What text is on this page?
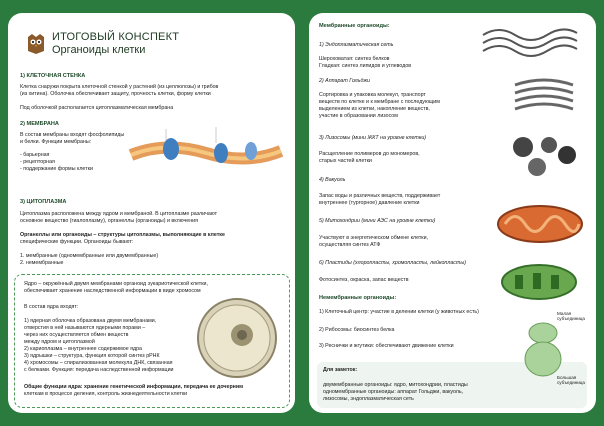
ИТОГОВЫЙ КОНСПЕКТ
Органоиды клетки
1) КЛЕТОЧНАЯ СТЕНКА
Клетка снаружи покрыта клеточной стенкой у растений (из целлюлозы) и грибов
(из хитина). Оболочка обеспечивает защиту, прочность клетки, форму клетки
Под оболочкой располагается цитоплазматическая мембрана
2) МЕМБРАНА
В состав мембраны входят фосфолипиды
и белки. Функции мембраны:
- барьерная
- рецепторная
- поддержание формы клетки
3) ЦИТОПЛАЗМА
Цитоплазма расположена между ядром и мембраной. В цитоплазме различают
основное вещество (гиалоплазму), органеллы (органоиды) и включения
Органеллы или органоиды – структуры цитоплазмы, выполняющие в клетке
специфические функции. Органоиды бывают:
1. мембранные (одномембранные или двумембранные)
2. немембранные
Ядро – окружённый двумя мембранами органоид эукариотической клетки,
обеспечивает хранение наследственной информации в виде хромосом
В состав ядра входят:
1) ядерная оболочка образована двумя мембранами,
отверстия в ней называются ядерными порами –
через них осуществляется обмен веществ
между ядром и цитоплазмой
2) кариоплазма – внутреннее содержимое ядра
3) ядрышки – структура, функция которой синтез рРНК
4) хромосомы – спирализованная молекула ДНК, связанная
с белками. Функция: передача наследственной информации
Общие функции ядра: хранение генетической информации, передача ее дочерним
клеткам в процессе деления, контроль жизнедеятельности клетки
Мембранные органоиды:
1) Эндоплазматическая сеть
Шероховатая: синтез белков
Гладкая: синтез липидов и углеводов
2) Аппарат Гольджи
Сортировка и упаковка молекул, транспорт
веществ по клетке и к мембране с последующим
выделением из клетки, накопление веществ,
участие в образовании лизосом
3) Лизосомы (мини ЖКТ на уровне клетки)
Расщепление полимеров до мономеров,
старых частей клетки
4) Вакуоль
Запас воды и различных веществ, поддерживает
внутреннее (тургорное) давление клетки
5) Митохондрии (мини АЭС на уровне клетки)
Участвуют в энергетическом обмене клетки,
осуществляя синтез АТФ
6) Пластиды (хлоропласты, хромопласты, лейкопласты)
Фотосинтез, окраска, запас веществ
Немембранные органоиды:
1) Клеточный центр: участие в делении клетки (у животных есть)
2) Рибосомы: биосинтез белка
3) Реснички и жгутики: обеспечивают движение клетки
Для заметок:
двумембранные органоиды: ядро, митохондрии, пластиды
одномембранные органоиды: аппарат Гольджи, вакуоль,
лизосомы, эндоплазматическая сеть
Малая субъединица
Большая субъединица
